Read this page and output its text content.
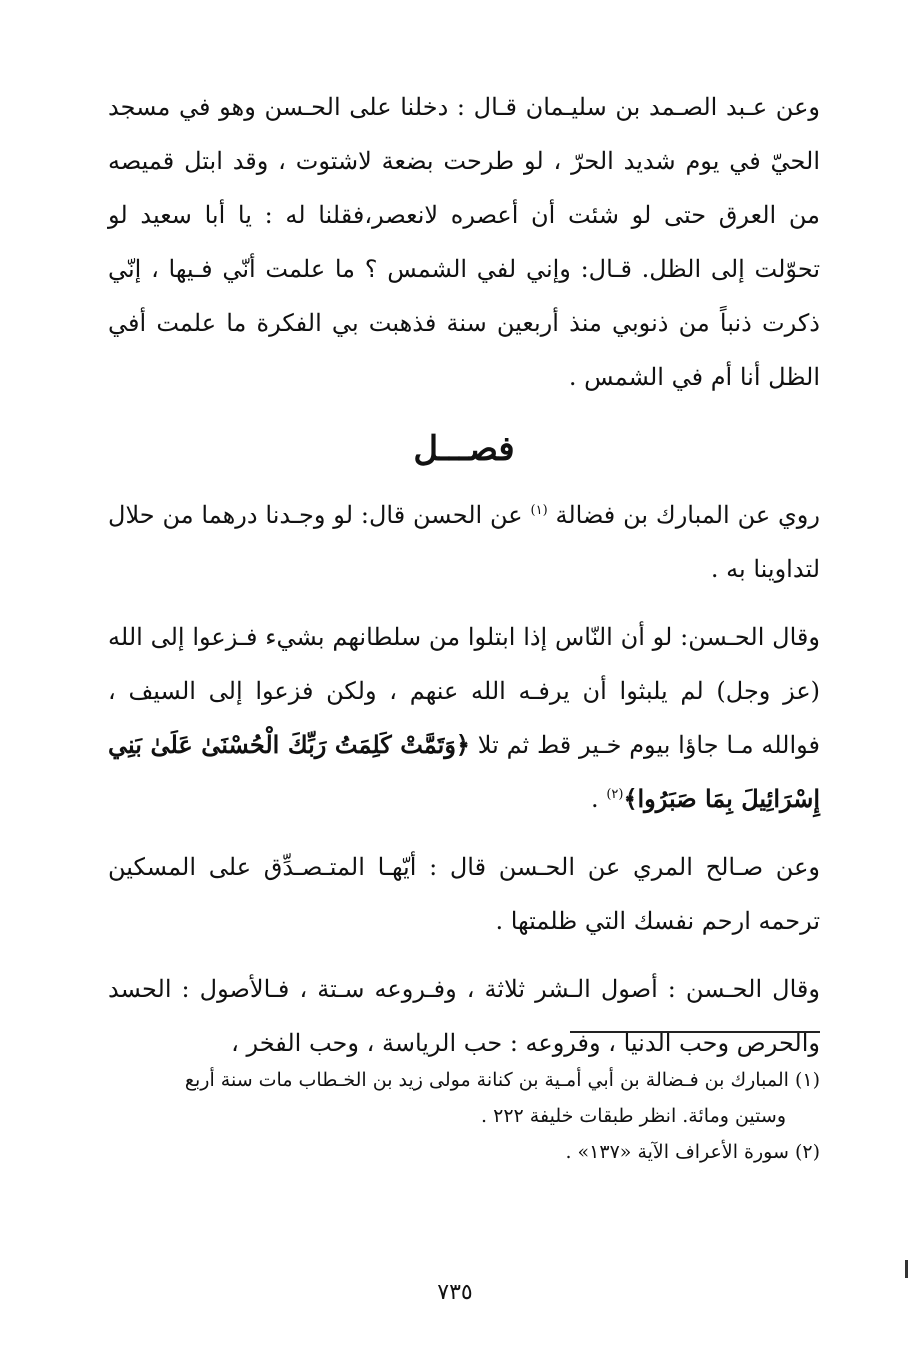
وعن عـبد الصـمد بن سليـمان قـال : دخلنا على الحـسن وهو في مسجد الحيّ في يوم شديد الحرّ ، لو طرحت بضعة لاشتوت ، وقد ابتل قميصه من العرق حتى لو شئت أن أعصره لانعصر،فقلنا له : يا أبا سعيد لو تحوّلت إلى الظل. قـال: وإني لفي الشمس ؟ ما علمت أنّي فـيها ، إنّي ذكرت ذنباً من ذنوبي منذ أربعين سنة فذهبت بي الفكرة ما علمت أفي الظل أنا أم في الشمس .

فصـــل

روي عن المبارك بن فضالة $^{(١)}$ عن الحسن قال: لو وجـدنا درهما من حلال لتداوينا به .

وقال الحـسن: لو أن النّاس إذا ابتلوا من سلطانهم بشيء فـزعوا إلى الله (عز وجل) لم يلبثوا أن يرفـه الله عنهم ، ولكن فزعوا إلى السيف ، فوالله مـا جاؤا بيوم خـير قط ثم تلا ﴿وَتَمَّتْ كَلِمَتُ رَبِّكَ الْحُسْنَىٰ عَلَىٰ بَنِي إِسْرَائِيلَ بِمَا صَبَرُوا﴾$^{(٢)}$ .

وعن صـالح المري عن الحـسن قال : أيّهـا المتـصـدِّق على المسكين ترحمه ارحم نفسك التي ظلمتها .

وقال الحـسن : أصول الـشر ثلاثة ، وفـروعه سـتة ، فـالأصول : الحسد والحرص وحب الدنيا ، وفروعه : حب الرياسة ، وحب الفخر ،

(١) المبارك بن فـضالة بن أبي أمـية بن كنانة مولى زيد بن الخـطاب مات سنة أربع

وستين ومائة. انظر طبقات خليفة ٢٢٢ .

(٢) سورة الأعراف الآية «١٣٧» .

٧٣٥
